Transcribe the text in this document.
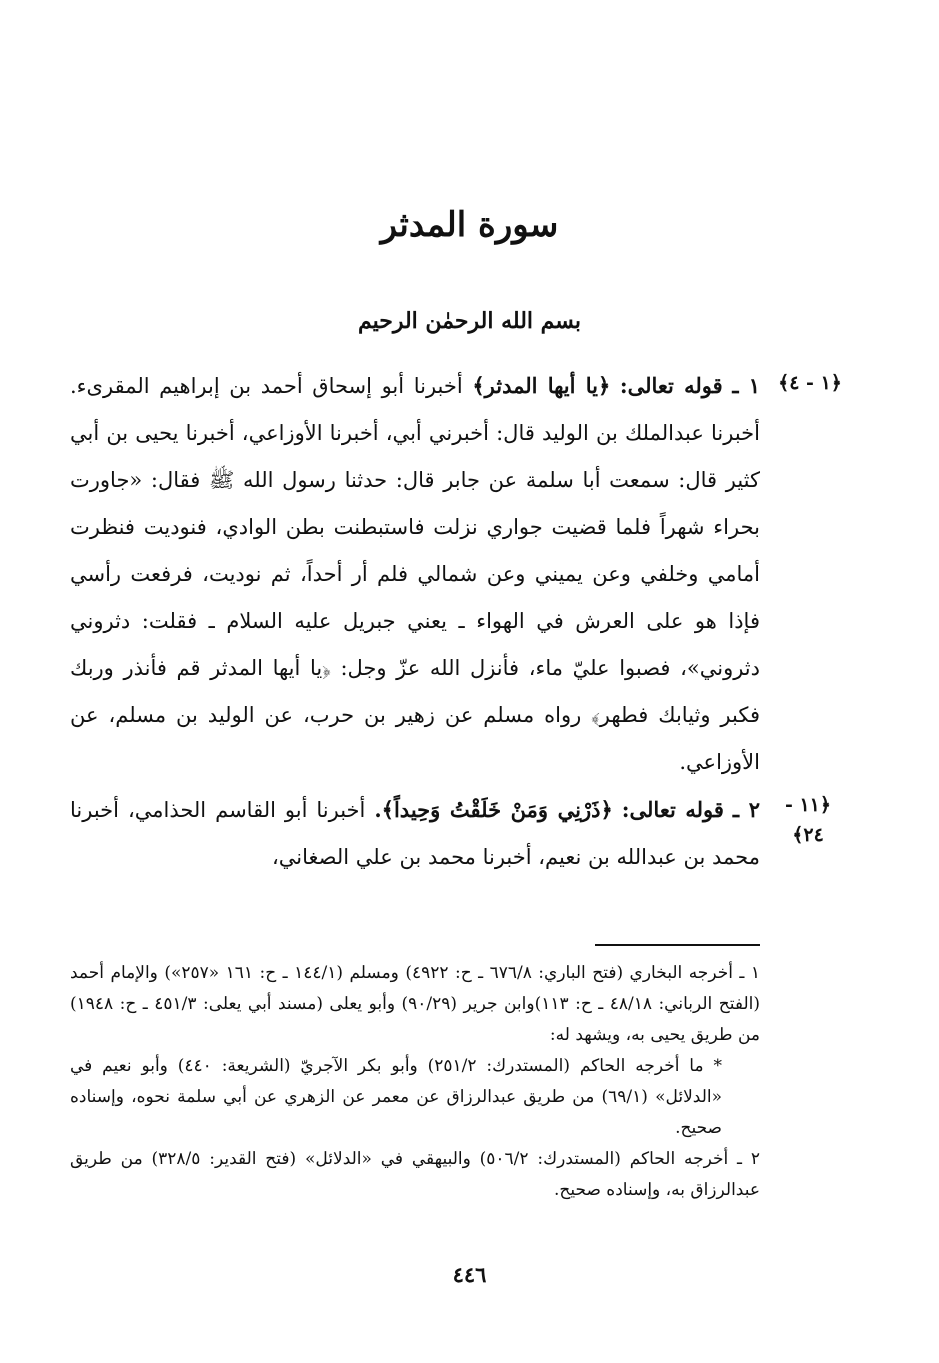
سورة المدثر
بسم الله الرحمٰن الرحيم
﴿١ - ٤﴾
﴿١١ - ٢٤﴾

١ ـ قوله تعالى: ﴿يا أيها المدثر﴾ أخبرنا أبو إسحاق أحمد بن إبراهيم المقرىء. أخبرنا عبدالملك بن الوليد قال: أخبرني أبي، أخبرنا الأوزاعي، أخبرنا يحيى بن أبي كثير قال: سمعت أبا سلمة عن جابر قال: حدثنا رسول الله ﷺ فقال: «جاورت بحراء شهراً فلما قضيت جواري نزلت فاستبطنت بطن الوادي، فنوديت فنظرت أمامي وخلفي وعن يميني وعن شمالي فلم أر أحداً، ثم نوديت، فرفعت رأسي فإذا هو على العرش في الهواء ـ يعني جبريل عليه السلام ـ فقلت: دثروني دثروني»، فصبوا عليّ ماء، فأنزل الله عزّ وجل: ﴿يا أيها المدثر قم فأنذر وربك فكبر وثيابك فطهر﴾ رواه مسلم عن زهير بن حرب، عن الوليد بن مسلم، عن الأوزاعي.

٢ ـ قوله تعالى: ﴿ذَرْنِي وَمَنْ خَلَقْتُ وَحِيداً﴾. أخبرنا أبو القاسم الحذامي، أخبرنا محمد بن عبدالله بن نعيم، أخبرنا محمد بن علي الصغاني،

١ ـ أخرجه البخاري (فتح الباري: ٦٧٦/٨ ـ ح: ٤٩٢٢) ومسلم (١٤٤/١ ـ ح: ١٦١ «٢٥٧») والإمام أحمد (الفتح الرباني: ٤٨/١٨ ـ ح: ١١٣)وابن جرير (٩٠/٢٩) وأبو يعلى (مسند أبي يعلى: ٤٥١/٣ ـ ح: ١٩٤٨) من طريق يحيى به، ويشهد له:

* ما أخرجه الحاكم (المستدرك: ٢٥١/٢) وأبو بكر الآجريّ (الشريعة: ٤٤٠) وأبو نعيم في «الدلائل» (٦٩/١) من طريق عبدالرزاق عن معمر عن الزهري عن أبي سلمة نحوه، وإسناده صحيح.

٢ ـ أخرجه الحاكم (المستدرك: ٥٠٦/٢) والبيهقي في «الدلائل» (فتح القدير: ٣٢٨/٥) من طريق عبدالرزاق به، وإسناده صحيح.

٤٤٦
